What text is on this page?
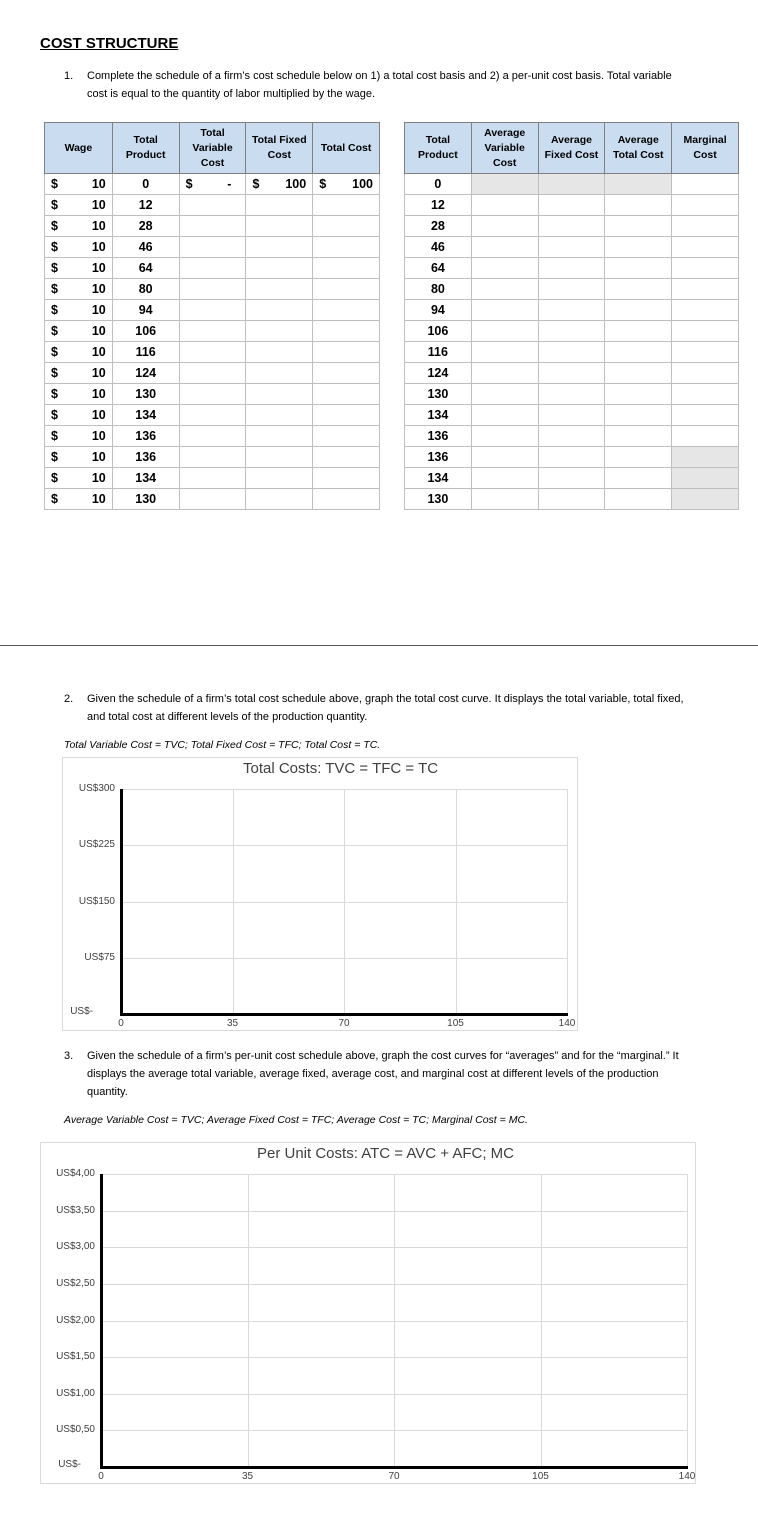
COST STRUCTURE
1. Complete the schedule of a firm’s cost schedule below on 1) a total cost basis and 2) a per-unit cost basis. Total variable
cost is equal to the quantity of labor multiplied by the wage.
Wage	Total Product	Total Variable Cost	Total Fixed Cost	Total Cost

$ 10	0	$ -	$ 100	$ 100

$ 10	12			

$ 10	28			

$ 10	46			

$ 10	64			

$ 10	80			

$ 10	94			

$ 10	106			

$ 10	116			

$ 10	124			

$ 10	130			

$ 10	134			

$ 10	136			

$ 10	136			

$ 10	134			

$ 10	130			
Total Product	Average Variable Cost	Average Fixed Cost	Average Total Cost	Marginal Cost
0				
12				
28				
46				
64				
80				
94				
106				
116				
124				
130				
134				
136				
136				
134				
130				
2. Given the schedule of a firm’s total cost schedule above, graph the total cost curve. It displays the total variable, total fixed,
and total cost at different levels of the production quantity.
Total Variable Cost = TVC; Total Fixed Cost = TFC; Total Cost = TC.
Total Costs: TVC = TFC = TC
US$-
US$75
US$150
US$225
US$300
0	35	70	105	140
3. Given the schedule of a firm’s per-unit cost schedule above, graph the cost curves for “averages” and for the “marginal.” It
displays the average total variable, average fixed, average cost, and marginal cost at different levels of the production
quantity.
Average Variable Cost = TVC; Average Fixed Cost = TFC; Average Cost = TC; Marginal Cost = MC.
Per Unit Costs: ATC = AVC + AFC; MC
US$-
US$0,50
US$1,00
US$1,50
US$2,00
US$2,50
US$3,00
US$3,50
US$4,00
0	35	70	105	140
